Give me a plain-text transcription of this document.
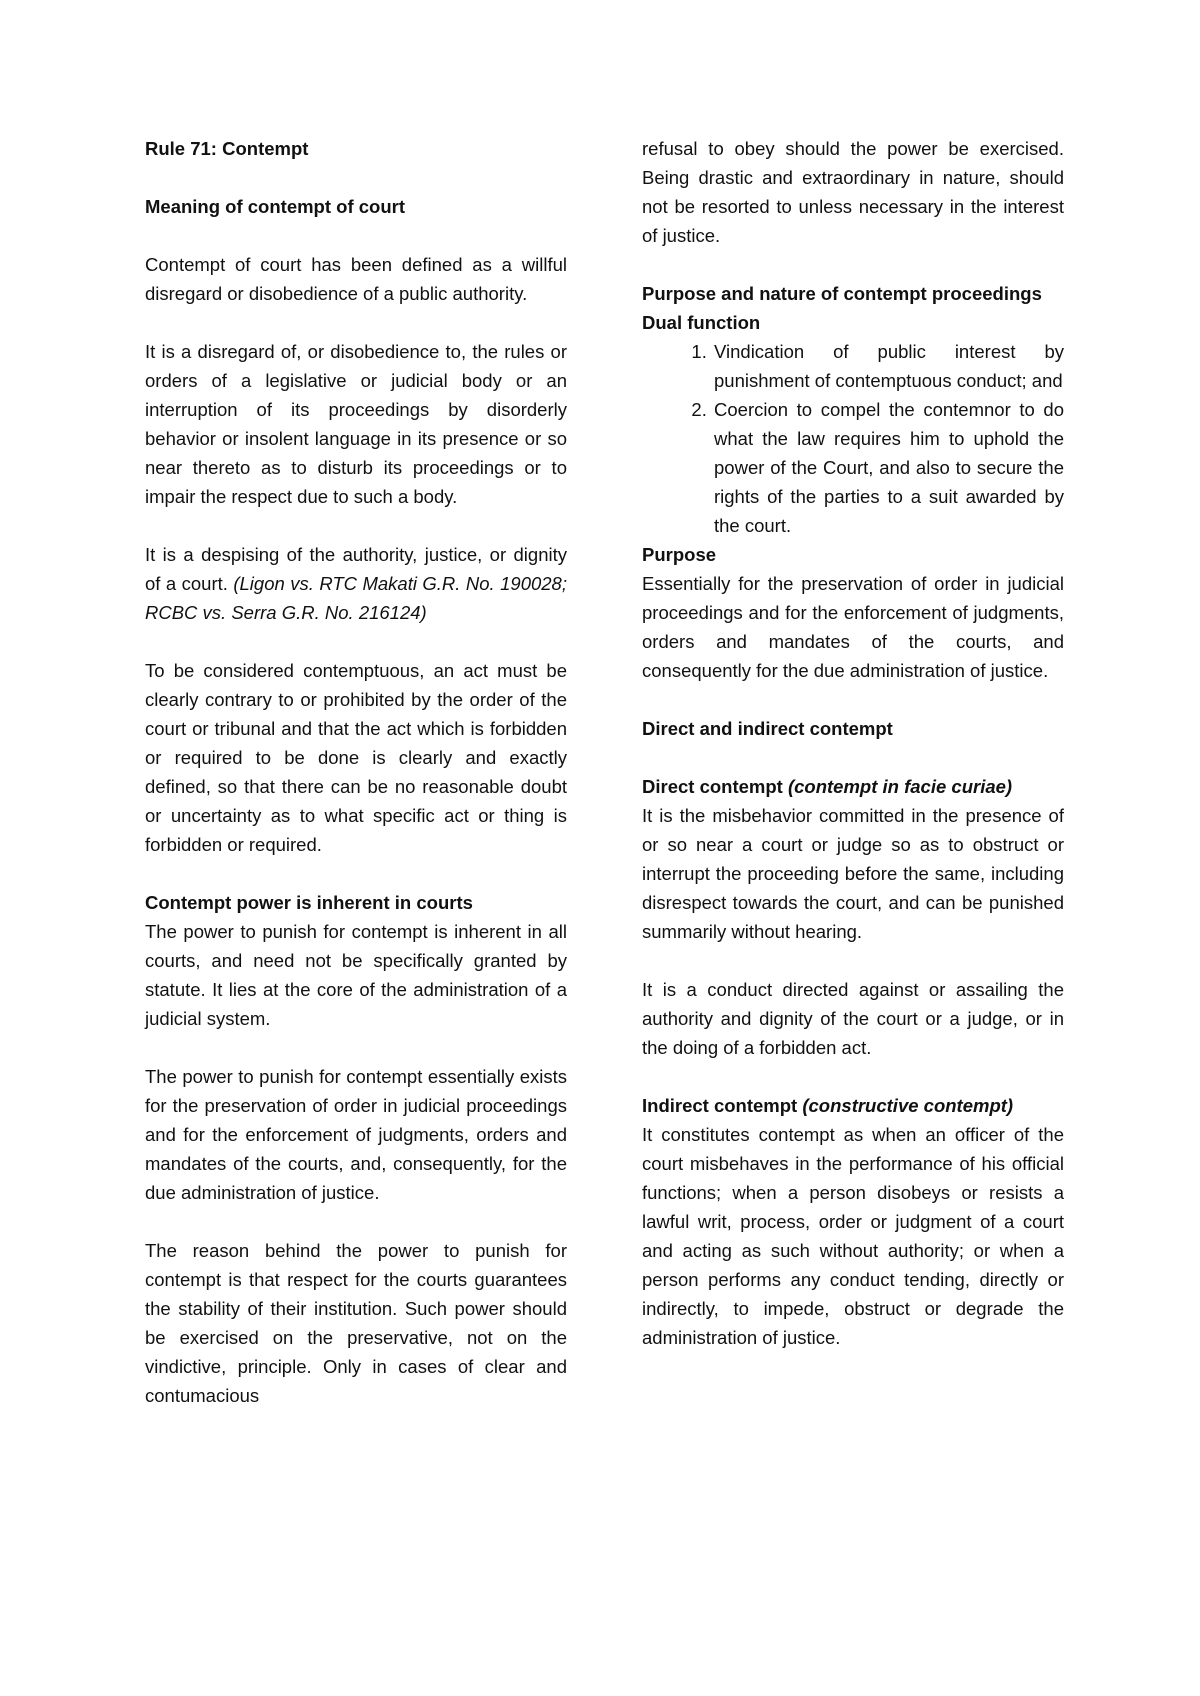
Rule 71: Contempt
Meaning of contempt of court

Contempt of court has been defined as a willful disregard or disobedience of a public authority.

It is a disregard of, or disobedience to, the rules or orders of a legislative or judicial body or an interruption of its proceedings by disorderly behavior or insolent language in its presence or so near thereto as to disturb its proceedings or to impair the respect due to such a body.

It is a despising of the authority, justice, or dignity of a court. (Ligon vs. RTC Makati G.R. No. 190028; RCBC vs. Serra G.R. No. 216124)

To be considered contemptuous, an act must be clearly contrary to or prohibited by the order of the court or tribunal and that the act which is forbidden or required to be done is clearly and exactly defined, so that there can be no reasonable doubt or uncertainty as to what specific act or thing is forbidden or required.

Contempt power is inherent in courts

The power to punish for contempt is inherent in all courts, and need not be specifically granted by statute. It lies at the core of the administration of a judicial system.

The power to punish for contempt essentially exists for the preservation of order in judicial proceedings and for the enforcement of judgments, orders and mandates of the courts, and, consequently, for the due administration of justice.

The reason behind the power to punish for contempt is that respect for the courts guarantees the stability of their institution. Such power should be exercised on the preservative, not on the vindictive, principle. Only in cases of clear and contumacious

refusal to obey should the power be exercised. Being drastic and extraordinary in nature, should not be resorted to unless necessary in the interest of justice.

Purpose and nature of contempt proceedings
Dual function
1. Vindication of public interest by punishment of contemptuous conduct; and
2. Coercion to compel the contemnor to do what the law requires him to uphold the power of the Court, and also to secure the rights of the parties to a suit awarded by the court.
Purpose

Essentially for the preservation of order in judicial proceedings and for the enforcement of judgments, orders and mandates of the courts, and consequently for the due administration of justice.

Direct and indirect contempt
Direct contempt (contempt in facie curiae)

It is the misbehavior committed in the presence of or so near a court or judge so as to obstruct or interrupt the proceeding before the same, including disrespect towards the court, and can be punished summarily without hearing.

It is a conduct directed against or assailing the authority and dignity of the court or a judge, or in the doing of a forbidden act.

Indirect contempt (constructive contempt)

It constitutes contempt as when an officer of the court misbehaves in the performance of his official functions; when a person disobeys or resists a lawful writ, process, order or judgment of a court and acting as such without authority; or when a person performs any conduct tending, directly or indirectly, to impede, obstruct or degrade the administration of justice.
